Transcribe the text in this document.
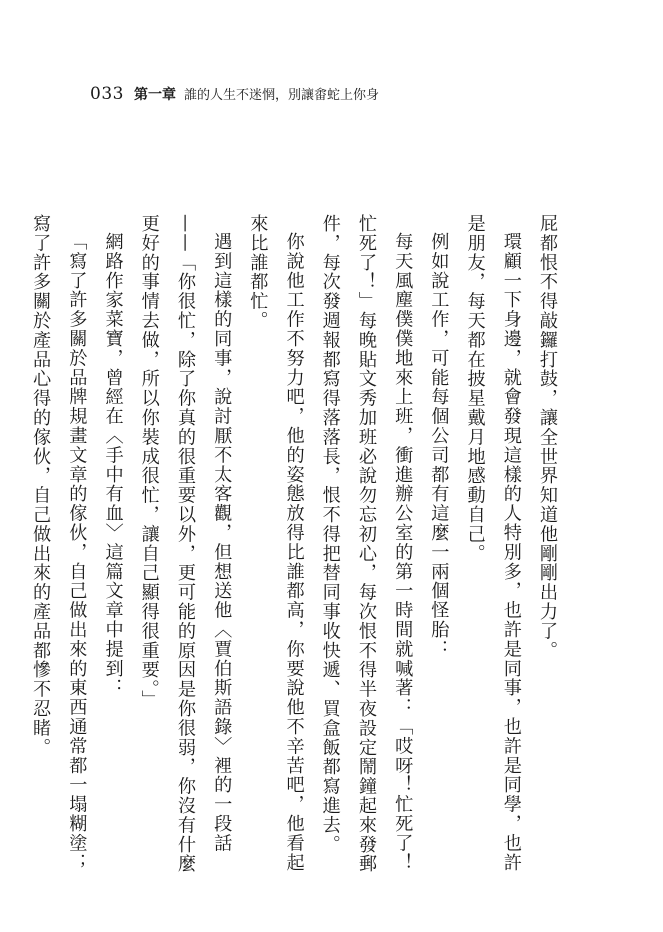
033 第一章 誰的人生不迷惘，別讓畬蛇上你身

屁都恨不得敲鑼打鼓，讓全世界知道他剛剛出力了。

環顧一下身邊，就會發現這樣的人特別多，也許是同事，也許是同學，也許是朋友，每天都在披星戴月地感動自己。

例如說工作，可能每個公司都有這麼一兩個怪胎：

每天風塵僕僕地來上班，衝進辦公室的第一時間就喊著：「哎呀！忙死了！忙死了！」每晚貼文秀加班必說勿忘初心，每次恨不得半夜設定鬧鐘起來發郵件，每次發週報都寫得落落長，恨不得把替同事收快遞、買盒飯都寫進去。

你說他工作不努力吧，他的姿態放得比誰都高，你要說他不辛苦吧，他看起來比誰都忙。

遇到這樣的同事，說討厭不太客觀，但想送他〈賈伯斯語錄〉裡的一段話——「你很忙，除了你真的很重要以外，更可能的原因是你很弱，你沒有什麼更好的事情去做，所以你裝成很忙，讓自己顯得很重要。」

網路作家菜寶，曾經在〈手中有血〉這篇文章中提到：

「寫了許多關於品牌規畫文章的傢伙，自己做出來的東西通常都一塌糊塗；寫了許多關於產品心得的傢伙，自己做出來的產品都慘不忍睹。
